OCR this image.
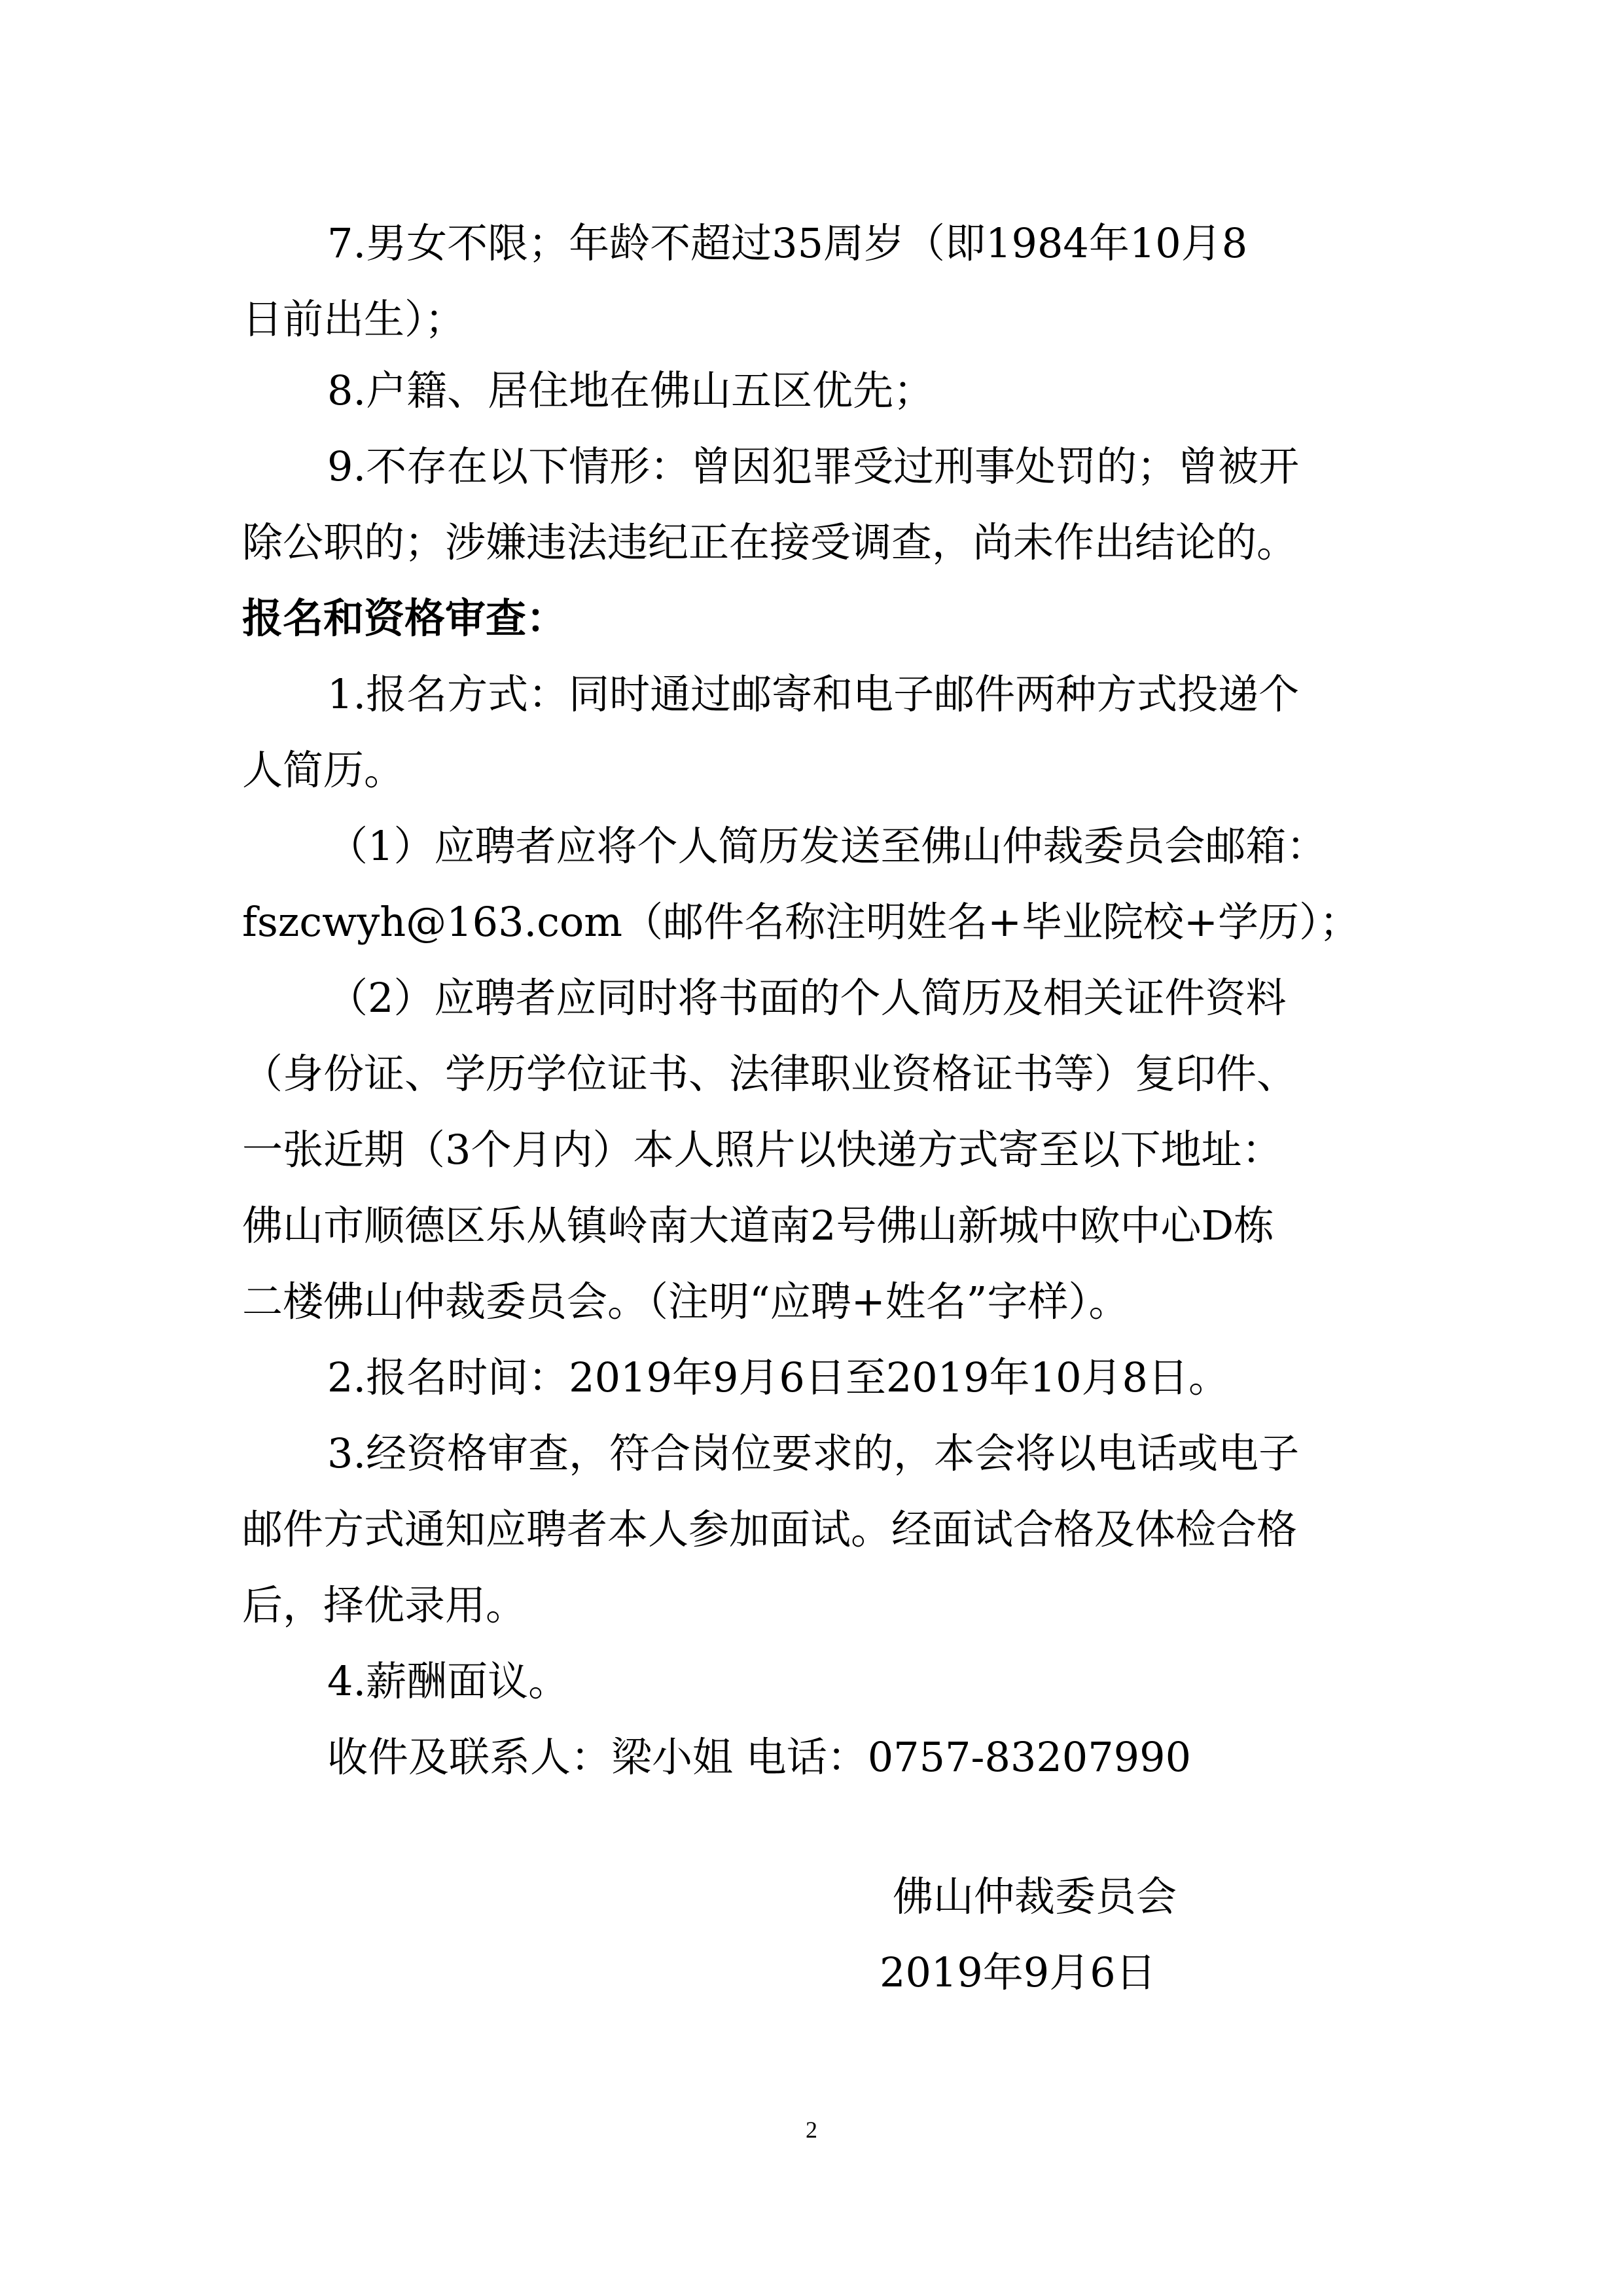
7.男女不限；年龄不超过35周岁（即1984年10月8
日前出生）；
8.户籍、居住地在佛山五区优先；
9.不存在以下情形：曾因犯罪受过刑事处罚的；曾被开
除公职的；涉嫌违法违纪正在接受调查，尚未作出结论的。
报名和资格审查：
1.报名方式：同时通过邮寄和电子邮件两种方式投递个
人简历。
（1）应聘者应将个人简历发送至佛山仲裁委员会邮箱：
fszcwyh@163.com（邮件名称注明姓名+毕业院校+学历）；
（2）应聘者应同时将书面的个人简历及相关证件资料
（身份证、学历学位证书、法律职业资格证书等）复印件、
一张近期（3个月内）本人照片以快递方式寄至以下地址：
佛山市顺德区乐从镇岭南大道南2号佛山新城中欧中心D栋
二楼佛山仲裁委员会。（注明“应聘+姓名”字样）。
2.报名时间：2019年9月6日至2019年10月8日。
3.经资格审查，符合岗位要求的，本会将以电话或电子
邮件方式通知应聘者本人参加面试。经面试合格及体检合格
后，择优录用。
4.薪酬面议。
收件及联系人：梁小姐 电话：0757-83207990
佛山仲裁委员会
2019年9月6日
2
